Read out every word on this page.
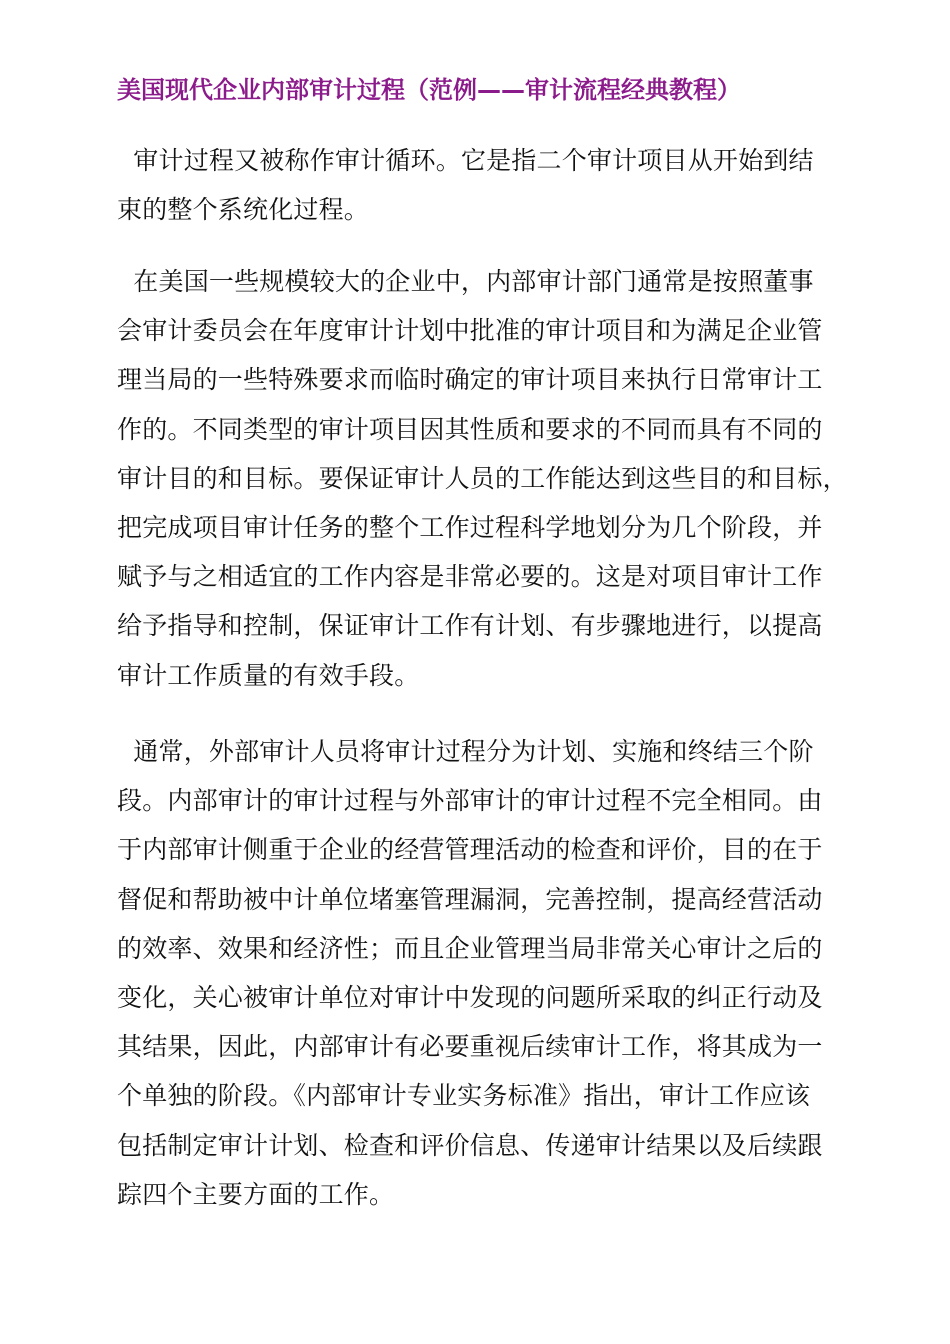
美国现代企业内部审计过程（范例——审计流程经典教程）
审计过程又被称作审计循环。它是指二个审计项目从开始到结
束的整个系统化过程。
在美国一些规模较大的企业中，内部审计部门通常是按照董事
会审计委员会在年度审计计划中批准的审计项目和为满足企业管
理当局的一些特殊要求而临时确定的审计项目来执行日常审计工
作的。不同类型的审计项目因其性质和要求的不同而具有不同的
审计目的和目标。要保证审计人员的工作能达到这些目的和目标，
把完成项目审计任务的整个工作过程科学地划分为几个阶段，并
赋予与之相适宜的工作内容是非常必要的。这是对项目审计工作
给予指导和控制，保证审计工作有计划、有步骤地进行，以提高
审计工作质量的有效手段。
通常，外部审计人员将审计过程分为计划、实施和终结三个阶
段。内部审计的审计过程与外部审计的审计过程不完全相同。由
于内部审计侧重于企业的经营管理活动的检查和评价，目的在于
督促和帮助被中计单位堵塞管理漏洞，完善控制，提高经营活动
的效率、效果和经济性；而且企业管理当局非常关心审计之后的
变化，关心被审计单位对审计中发现的问题所采取的纠正行动及
其结果，因此，内部审计有必要重视后续审计工作，将其成为一
个单独的阶段。《内部审计专业实务标准》指出，审计工作应该
包括制定审计计划、检查和评价信息、传递审计结果以及后续跟
踪四个主要方面的工作。
